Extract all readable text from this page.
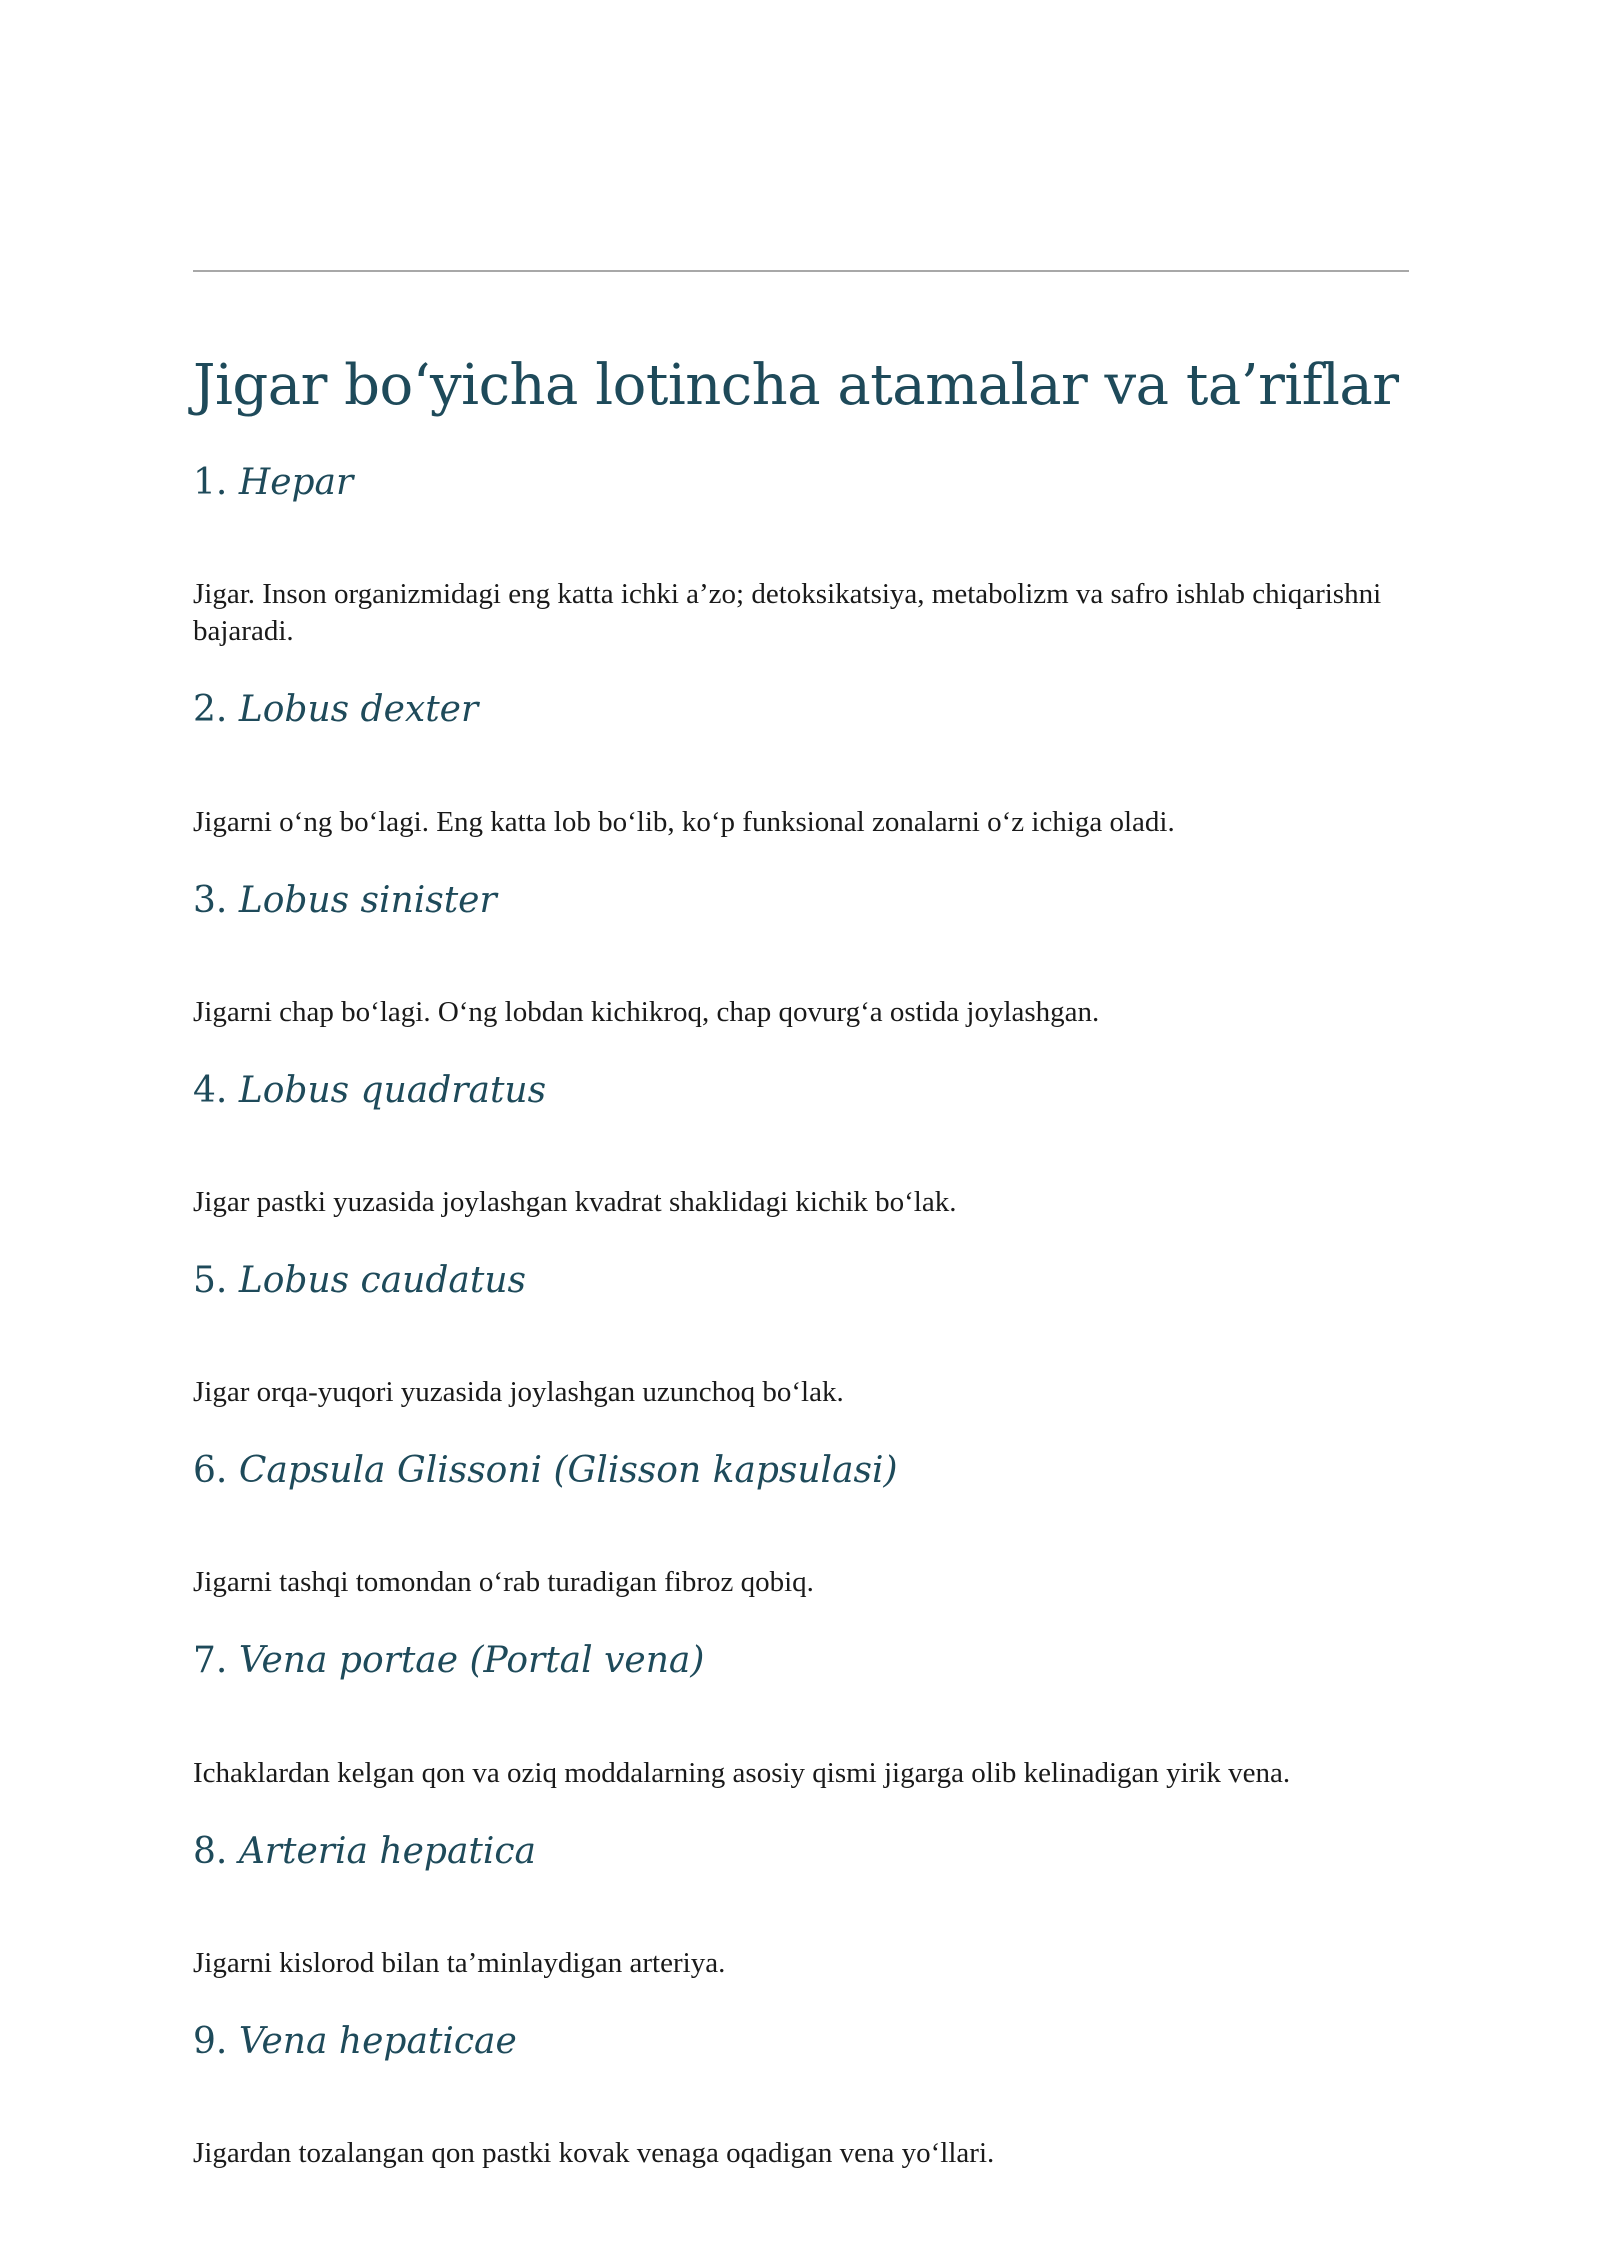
Jigar bo‘yicha lotincha atamalar va ta’riflar
1. Hepar

Jigar. Inson organizmidagi eng katta ichki a’zo; detoksikatsiya, metabolizm va safro ishlab chiqarishni bajaradi.

2. Lobus dexter

Jigarni o‘ng bo‘lagi. Eng katta lob bo‘lib, ko‘p funksional zonalarni o‘z ichiga oladi.

3. Lobus sinister

Jigarni chap bo‘lagi. O‘ng lobdan kichikroq, chap qovurg‘a ostida joylashgan.

4. Lobus quadratus

Jigar pastki yuzasida joylashgan kvadrat shaklidagi kichik bo‘lak.

5. Lobus caudatus

Jigar orqa-yuqori yuzasida joylashgan uzunchoq bo‘lak.

6. Capsula Glissoni (Glisson kapsulasi)

Jigarni tashqi tomondan o‘rab turadigan fibroz qobiq.

7. Vena portae (Portal vena)

Ichaklardan kelgan qon va oziq moddalarning asosiy qismi jigarga olib kelinadigan yirik vena.

8. Arteria hepatica

Jigarni kislorod bilan ta’minlaydigan arteriya.

9. Vena hepaticae

Jigardan tozalangan qon pastki kovak venaga oqadigan vena yo‘llari.
